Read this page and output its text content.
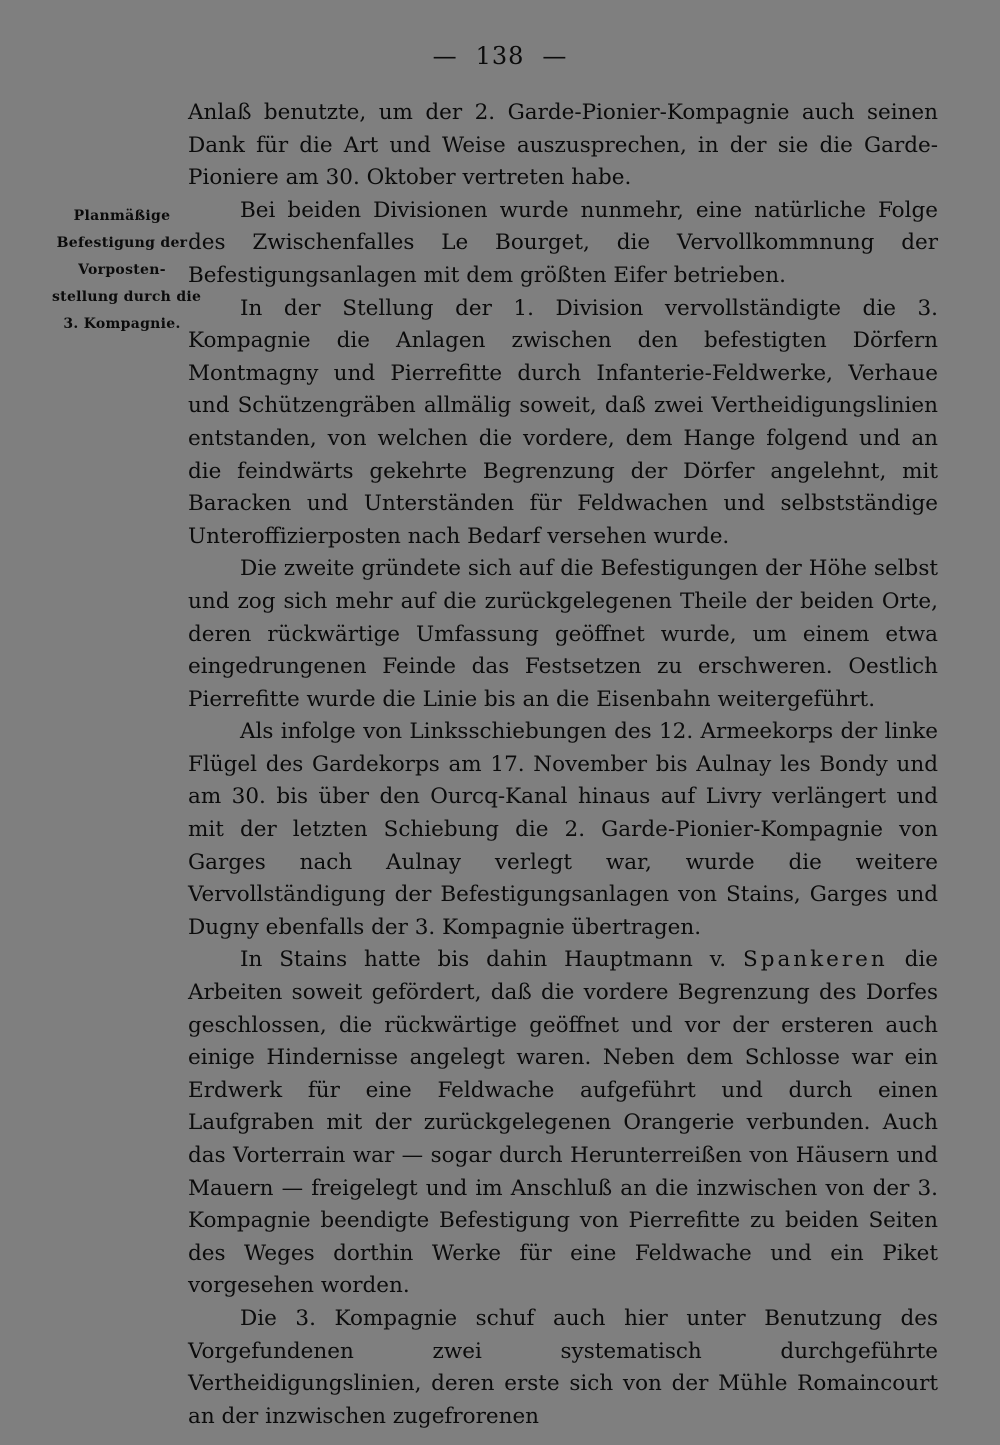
— 138 —
Planmäßige
Befestigung der
Vorposten-
stellung durch die
3. Kompagnie.

Anlaß benutzte, um der 2. Garde-Pionier-Kompagnie auch seinen Dank für die Art und Weise auszusprechen, in der sie die Garde-Pioniere am 30. Oktober vertreten habe.

Bei beiden Divisionen wurde nunmehr, eine natürliche Folge des Zwischenfalles Le Bourget, die Vervollkommnung der Befestigungsanlagen mit dem größten Eifer betrieben.

In der Stellung der 1. Division vervollständigte die 3. Kompagnie die Anlagen zwischen den befestigten Dörfern Montmagny und Pierrefitte durch Infanterie-Feldwerke, Verhaue und Schützengräben allmälig soweit, daß zwei Vertheidigungslinien entstanden, von welchen die vordere, dem Hange folgend und an die feindwärts gekehrte Begrenzung der Dörfer angelehnt, mit Baracken und Unterständen für Feldwachen und selbstständige Unteroffizierposten nach Bedarf versehen wurde.

Die zweite gründete sich auf die Befestigungen der Höhe selbst und zog sich mehr auf die zurückgelegenen Theile der beiden Orte, deren rückwärtige Umfassung geöffnet wurde, um einem etwa eingedrungenen Feinde das Festsetzen zu erschweren. Oestlich Pierrefitte wurde die Linie bis an die Eisenbahn weitergeführt.

Als infolge von Linksschiebungen des 12. Armeekorps der linke Flügel des Gardekorps am 17. November bis Aulnay les Bondy und am 30. bis über den Ourcq-Kanal hinaus auf Livry verlängert und mit der letzten Schiebung die 2. Garde-Pionier-Kompagnie von Garges nach Aulnay verlegt war, wurde die weitere Vervollständigung der Befestigungsanlagen von Stains, Garges und Dugny ebenfalls der 3. Kompagnie übertragen.

In Stains hatte bis dahin Hauptmann v. Spankeren die Arbeiten soweit gefördert, daß die vordere Begrenzung des Dorfes geschlossen, die rückwärtige geöffnet und vor der ersteren auch einige Hindernisse angelegt waren. Neben dem Schlosse war ein Erdwerk für eine Feldwache aufgeführt und durch einen Laufgraben mit der zurückgelegenen Orangerie verbunden. Auch das Vorterrain war — sogar durch Herunterreißen von Häusern und Mauern — freigelegt und im Anschluß an die inzwischen von der 3. Kompagnie beendigte Befestigung von Pierrefitte zu beiden Seiten des Weges dorthin Werke für eine Feldwache und ein Piket vorgesehen worden.

Die 3. Kompagnie schuf auch hier unter Benutzung des Vorgefundenen zwei systematisch durchgeführte Vertheidigungslinien, deren erste sich von der Mühle Romaincourt an der inzwischen zugefrorenen
